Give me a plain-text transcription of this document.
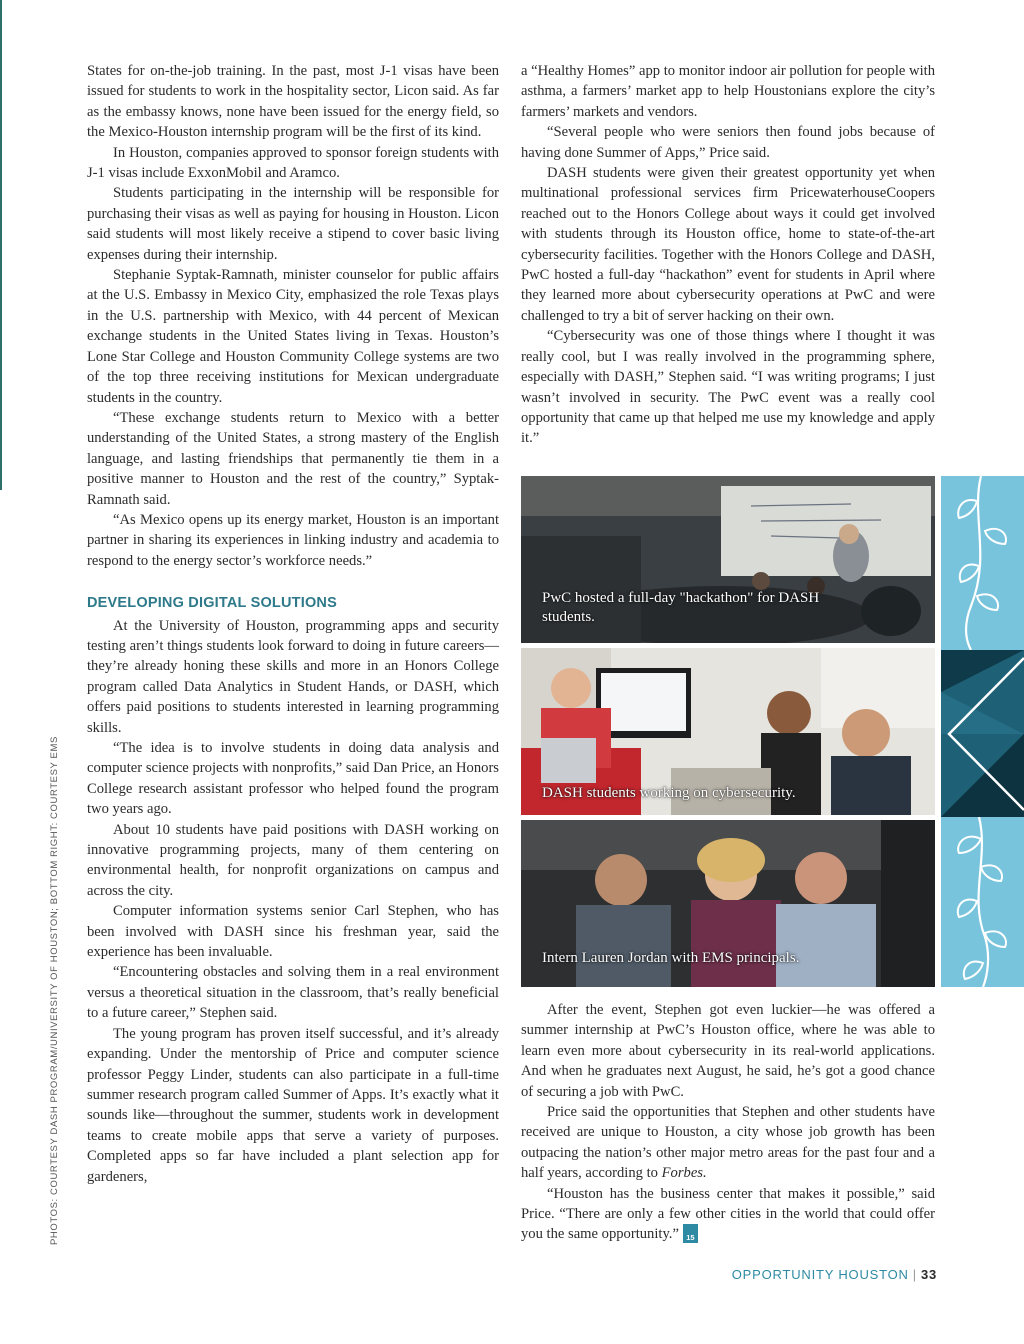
PHOTOS: COURTESY DASH PROGRAM/UNIVERSITY OF HOUSTON; BOTTOM RIGHT: COURTESY EMS

States for on-the-job training. In the past, most J-1 visas have been issued for students to work in the hospitality sector, Licon said. As far as the embassy knows, none have been issued for the energy field, so the Mexico-Houston internship program will be the first of its kind.

In Houston, companies approved to sponsor foreign students with J-1 visas include ExxonMobil and Aramco.

Students participating in the internship will be responsible for purchasing their visas as well as paying for housing in Houston. Licon said students will most likely receive a stipend to cover basic living expenses during their internship.

Stephanie Syptak-Ramnath, minister counselor for public affairs at the U.S. Embassy in Mexico City, emphasized the role Texas plays in the U.S. partnership with Mexico, with 44 percent of Mexican exchange students in the United States living in Texas. Houston’s Lone Star College and Houston Community College systems are two of the top three receiving institutions for Mexican undergraduate students in the country.

“These exchange students return to Mexico with a better understanding of the United States, a strong mastery of the English language, and lasting friendships that permanently tie them in a positive manner to Houston and the rest of the country,” Syptak-Ramnath said.

“As Mexico opens up its energy market, Houston is an important partner in sharing its experiences in linking industry and academia to respond to the energy sector’s workforce needs.”

DEVELOPING DIGITAL SOLUTIONS

At the University of Houston, programming apps and security testing aren’t things students look forward to doing in future careers—they’re already honing these skills and more in an Honors College program called Data Analytics in Student Hands, or DASH, which offers paid positions to students interested in learning programming skills.

“The idea is to involve students in doing data analysis and computer science projects with nonprofits,” said Dan Price, an Honors College research assistant professor who helped found the program two years ago.

About 10 students have paid positions with DASH working on innovative programming projects, many of them centering on environmental health, for nonprofit organizations on campus and across the city.

Computer information systems senior Carl Stephen, who has been involved with DASH since his freshman year, said the experience has been invaluable.

“Encountering obstacles and solving them in a real environment versus a theoretical situation in the classroom, that’s really beneficial to a future career,” Stephen said.

The young program has proven itself successful, and it’s already expanding. Under the mentorship of Price and computer science professor Peggy Linder, students can also participate in a full-time summer research program called Summer of Apps. It’s exactly what it sounds like—throughout the summer, students work in development teams to create mobile apps that serve a variety of purposes. Completed apps so far have included a plant selection app for gardeners,

a “Healthy Homes” app to monitor indoor air pollution for people with asthma, a farmers’ market app to help Houstonians explore the city’s farmers’ markets and vendors.

“Several people who were seniors then found jobs because of having done Summer of Apps,” Price said.

DASH students were given their greatest opportunity yet when multinational professional services firm PricewaterhouseCoopers reached out to the Honors College about ways it could get involved with students through its Houston office, home to state-of-the-art cybersecurity facilities. Together with the Honors College and DASH, PwC hosted a full-day “hackathon” event for students in April where they learned more about cybersecurity operations at PwC and were challenged to try a bit of server hacking on their own.

“Cybersecurity was one of those things where I thought it was really cool, but I was really involved in the programming sphere, especially with DASH,” Stephen said. “I was writing programs; I just wasn’t involved in security. The PwC event was a really cool opportunity that came up that helped me use my knowledge and apply it.”

PwC hosted a full-day "hackathon" for DASH students.
DASH students working on cybersecurity.
Intern Lauren Jordan with EMS principals.

After the event, Stephen got even luckier—he was offered a summer internship at PwC’s Houston office, where he was able to learn even more about cybersecurity in its real-world applications. And when he graduates next August, he said, he’s got a good chance of securing a job with PwC.

Price said the opportunities that Stephen and other students have received are unique to Houston, a city whose job growth has been outpacing the nation’s other major metro areas for the past four and a half years, according to Forbes.

“Houston has the business center that makes it possible,” said Price. “There are only a few other cities in the world that could offer you the same opportunity.”	20
15

OPPORTUNITY HOUSTON | 33
